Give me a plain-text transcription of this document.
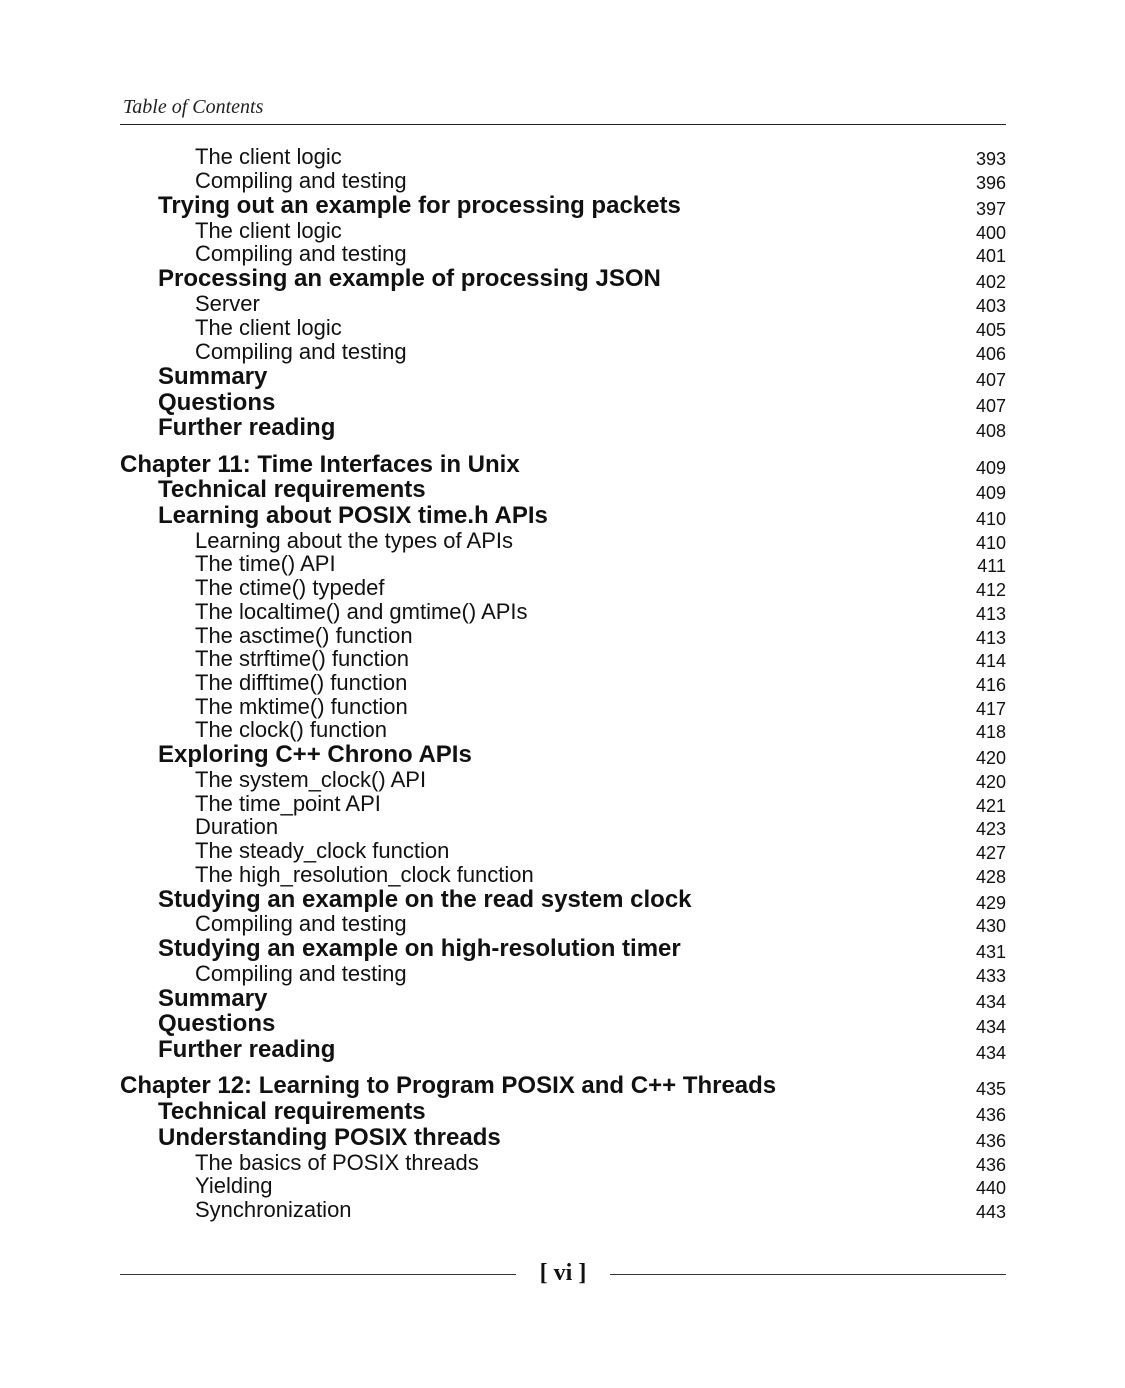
Table of Contents
The client logic	393
Compiling and testing	396
Trying out an example for processing packets	397
The client logic	400
Compiling and testing	401
Processing an example of processing JSON	402
Server	403
The client logic	405
Compiling and testing	406
Summary	407
Questions	407
Further reading	408
Chapter 11: Time Interfaces in Unix	409
Technical requirements	409
Learning about POSIX time.h APIs	410
Learning about the types of APIs	410
The time() API	411
The ctime() typedef	412
The localtime() and gmtime() APIs	413
The asctime() function	413
The strftime() function	414
The difftime() function	416
The mktime() function	417
The clock() function	418
Exploring C++ Chrono APIs	420
The system_clock() API	420
The time_point API	421
Duration	423
The steady_clock function	427
The high_resolution_clock function	428
Studying an example on the read system clock	429
Compiling and testing	430
Studying an example on high-resolution timer	431
Compiling and testing	433
Summary	434
Questions	434
Further reading	434
Chapter 12: Learning to Program POSIX and C++ Threads	435
Technical requirements	436
Understanding POSIX threads	436
The basics of POSIX threads	436
Yielding	440
Synchronization	443
[ vi ]
